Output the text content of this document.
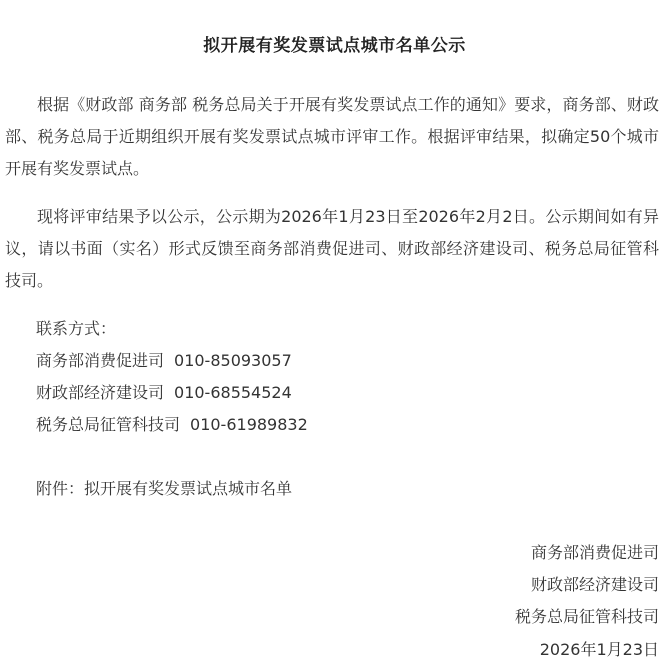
拟开展有奖发票试点城市名单公示

根据《财政部 商务部 税务总局关于开展有奖发票试点工作的通知》要求，商务部、财政部、税务总局于近期组织开展有奖发票试点城市评审工作。根据评审结果，拟确定50个城市开展有奖发票试点。

现将评审结果予以公示，公示期为2026年1月23日至2026年2月2日。公示期间如有异议，请以书面（实名）形式反馈至商务部消费促进司、财政部经济建设司、税务总局征管科技司。

联系方式：
商务部消费促进司 010-85093057
财政部经济建设司 010-68554524
税务总局征管科技司 010-61989832
附件：拟开展有奖发票试点城市名单
商务部消费促进司
财政部经济建设司
税务总局征管科技司
2026年1月23日
